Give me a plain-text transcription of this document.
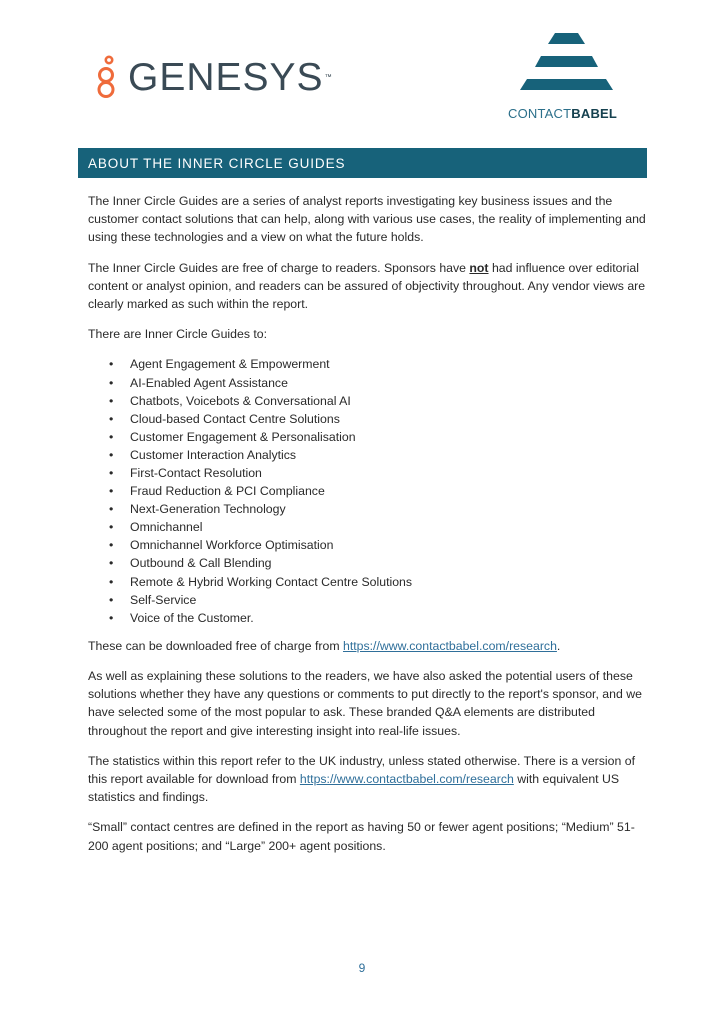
GENESYS ™
CONTACTBABEL
ABOUT THE INNER CIRCLE GUIDES

The Inner Circle Guides are a series of analyst reports investigating key business issues and the customer contact solutions that can help, along with various use cases, the reality of implementing and using these technologies and a view on what the future holds.

The Inner Circle Guides are free of charge to readers. Sponsors have not had influence over editorial content or analyst opinion, and readers can be assured of objectivity throughout. Any vendor views are clearly marked as such within the report.

There are Inner Circle Guides to:

• Agent Engagement & Empowerment
• AI-Enabled Agent Assistance
• Chatbots, Voicebots & Conversational AI
• Cloud-based Contact Centre Solutions
• Customer Engagement & Personalisation
• Customer Interaction Analytics
• First-Contact Resolution
• Fraud Reduction & PCI Compliance
• Next-Generation Technology
• Omnichannel
• Omnichannel Workforce Optimisation
• Outbound & Call Blending
• Remote & Hybrid Working Contact Centre Solutions
• Self-Service
• Voice of the Customer.

These can be downloaded free of charge from https://www.contactbabel.com/research.

As well as explaining these solutions to the readers, we have also asked the potential users of these solutions whether they have any questions or comments to put directly to the report's sponsor, and we have selected some of the most popular to ask. These branded Q&A elements are distributed throughout the report and give interesting insight into real-life issues.

The statistics within this report refer to the UK industry, unless stated otherwise. There is a version of this report available for download from https://www.contactbabel.com/research with equivalent US statistics and findings.

“Small” contact centres are defined in the report as having 50 or fewer agent positions; “Medium” 51-200 agent positions; and “Large” 200+ agent positions.

9
